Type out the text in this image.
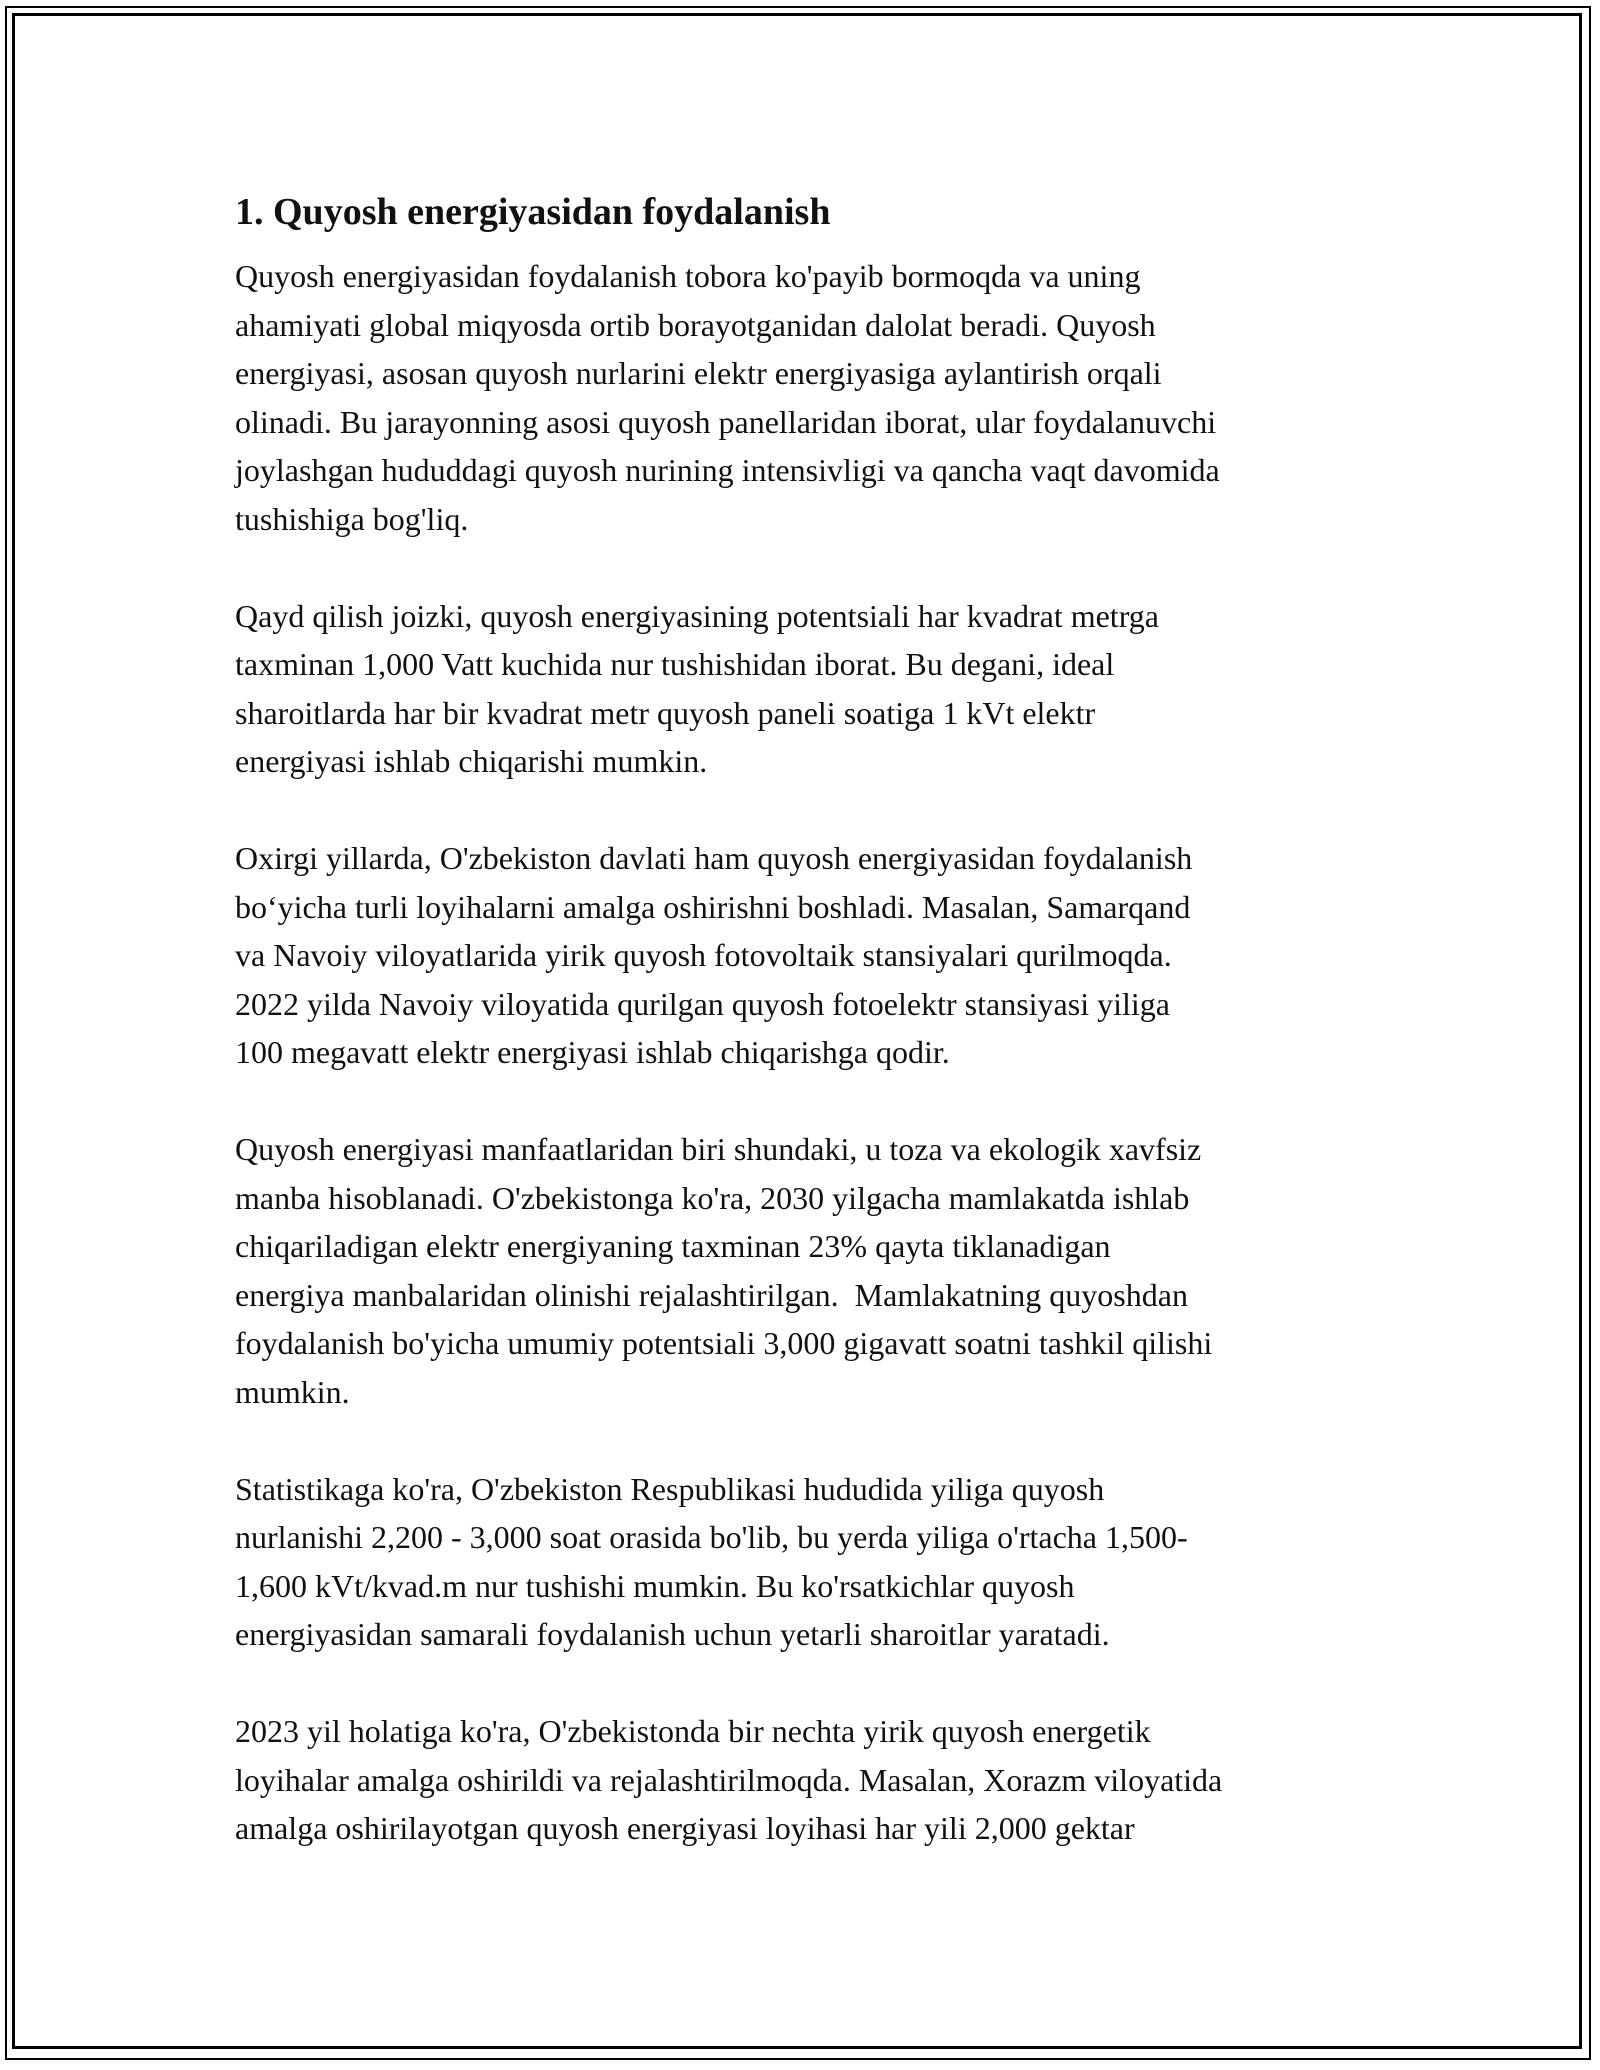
1. Quyosh energiyasidan foydalanish

Quyosh energiyasidan foydalanish tobora ko'payib bormoqda va uning
ahamiyati global miqyosda ortib borayotganidan dalolat beradi. Quyosh
energiyasi, asosan quyosh nurlarini elektr energiyasiga aylantirish orqali
olinadi. Bu jarayonning asosi quyosh panellaridan iborat, ular foydalanuvchi
joylashgan hududdagi quyosh nurining intensivligi va qancha vaqt davomida
tushishiga bog'liq.

Qayd qilish joizki, quyosh energiyasining potentsiali har kvadrat metrga
taxminan 1,000 Vatt kuchida nur tushishidan iborat. Bu degani, ideal
sharoitlarda har bir kvadrat metr quyosh paneli soatiga 1 kVt elektr
energiyasi ishlab chiqarishi mumkin.

Oxirgi yillarda, O'zbekiston davlati ham quyosh energiyasidan foydalanish
bo‘yicha turli loyihalarni amalga oshirishni boshladi. Masalan, Samarqand
va Navoiy viloyatlarida yirik quyosh fotovoltaik stansiyalari qurilmoqda.
2022 yilda Navoiy viloyatida qurilgan quyosh fotoelektr stansiyasi yiliga
100 megavatt elektr energiyasi ishlab chiqarishga qodir.

Quyosh energiyasi manfaatlaridan biri shundaki, u toza va ekologik xavfsiz
manba hisoblanadi. O'zbekistonga ko'ra, 2030 yilgacha mamlakatda ishlab
chiqariladigan elektr energiyaning taxminan 23% qayta tiklanadigan
energiya manbalaridan olinishi rejalashtirilgan.  Mamlakatning quyoshdan
foydalanish bo'yicha umumiy potentsiali 3,000 gigavatt soatni tashkil qilishi
mumkin.

Statistikaga ko'ra, O'zbekiston Respublikasi hududida yiliga quyosh
nurlanishi 2,200 - 3,000 soat orasida bo'lib, bu yerda yiliga o'rtacha 1,500-
1,600 kVt/kvad.m nur tushishi mumkin. Bu ko'rsatkichlar quyosh
energiyasidan samarali foydalanish uchun yetarli sharoitlar yaratadi.

2023 yil holatiga ko'ra, O'zbekistonda bir nechta yirik quyosh energetik
loyihalar amalga oshirildi va rejalashtirilmoqda. Masalan, Xorazm viloyatida
amalga oshirilayotgan quyosh energiyasi loyihasi har yili 2,000 gektar
